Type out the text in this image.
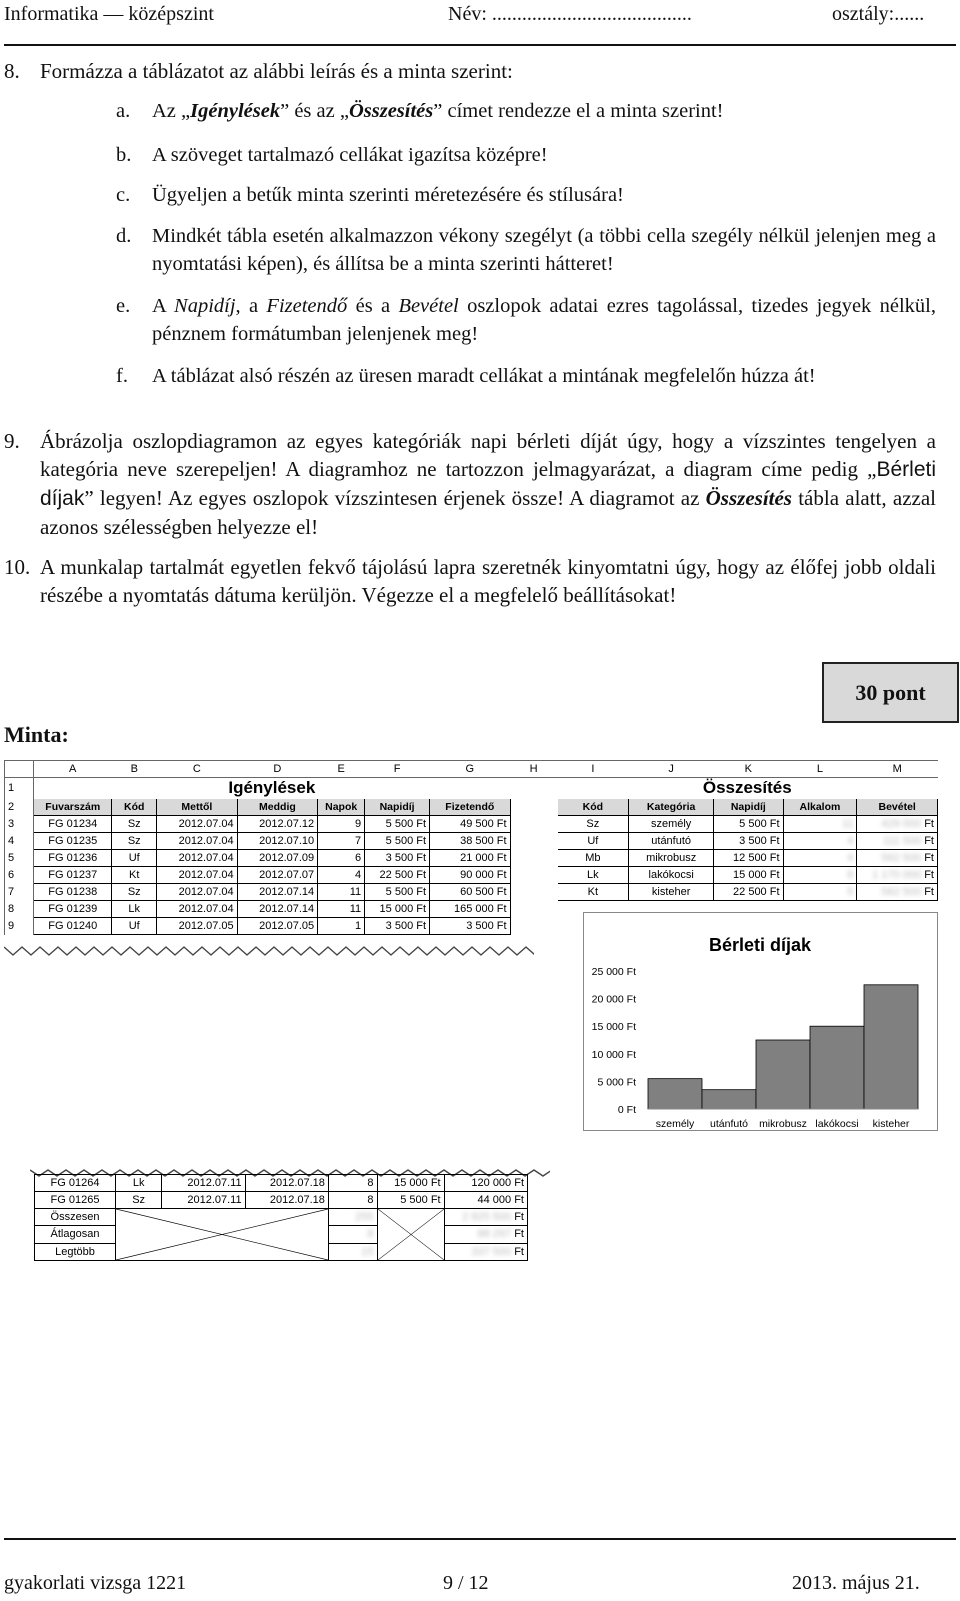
Informatika — középszint	Név: ........................................	osztály:......
8. Formázza a táblázatot az alábbi leírás és a minta szerint:
a. Az „Igénylések” és az „Összesítés” címet rendezze el a minta szerint!
b. A szöveget tartalmazó cellákat igazítsa középre!
c. Ügyeljen a betűk minta szerinti méretezésére és stílusára!
d. Mindkét tábla esetén alkalmazzon vékony szegélyt (a többi cella szegély nélkül jelenjen meg a nyomtatási képen), és állítsa be a minta szerinti hátteret!
e. A Napidíj, a Fizetendő és a Bevétel oszlopok adatai ezres tagolással, tizedes jegyek nélkül, pénznem formátumban jelenjenek meg!
f. A táblázat alsó részén az üresen maradt cellákat a mintának megfelelőn húzza át!
9. Ábrázolja oszlopdiagramon az egyes kategóriák napi bérleti díját úgy, hogy a vízszintes tengelyen a kategória neve szerepeljen! A diagramhoz ne tartozzon jelmagyarázat, a diagram címe pedig „Bérleti díjak” legyen! Az egyes oszlopok vízszintesen érjenek össze! A diagramot az Összesítés tábla alatt, azzal azonos szélességben helyezze el!
10. A munkalap tartalmát egyetlen fekvő tájolású lapra szeretnék kinyomtatni úgy, hogy az élőfej jobb oldali részébe a nyomtatás dátuma kerüljön. Végezze el a megfelelő beállításokat!
30 pont
Minta:
	A	B	C	D	E	F	G	H	I	J	K	L	M
1	Igénylések								Összesítés				
2	Fuvarszám	Kód	Mettől	Meddig	Napok	Napidíj	Fizetendő		Kód	Kategória	Napidíj	Alkalom	Bevétel
3	FG 01234	Sz	2012.07.04	2012.07.12	9	5 500 Ft	49 500 Ft		Sz	személy	5 500 Ft	11	429 000 Ft
4	FG 01235	Sz	2012.07.04	2012.07.10	7	5 500 Ft	38 500 Ft		Uf	utánfutó	3 500 Ft	4	111 500 Ft
5	FG 01236	Uf	2012.07.04	2012.07.09	6	3 500 Ft	21 000 Ft		Mb	mikrobusz	12 500 Ft	4	562 500 Ft
6	FG 01237	Kt	2012.07.04	2012.07.07	4	22 500 Ft	90 000 Ft		Lk	lakókocsi	15 000 Ft	8	1 170 000 Ft
7	FG 01238	Sz	2012.07.04	2012.07.14	11	5 500 Ft	60 500 Ft		Kt	kisteher	22 500 Ft	5	562 500 Ft
8	FG 01239	Lk	2012.07.04	2012.07.14	11	15 000 Ft	165 000 Ft						
9	FG 01240	Uf	2012.07.05	2012.07.05	1	3 500 Ft	3 500 Ft						
Bérleti díjak
0 Ft
5 000 Ft
10 000 Ft
15 000 Ft
20 000 Ft
25 000 Ft
személy utánfutó mikrobusz lakókocsi kisteher
FG 01264	Lk	2012.07.11	2012.07.18	8	15 000 Ft	120 000 Ft
FG 01265	Sz	2012.07.11	2012.07.18	8	5 500 Ft	44 000 Ft
Összesen				255		2 825 500 Ft
Átlagosan				8		88 297 Ft
Legtöbb				15		337 500 Ft
gyakorlati vizsga 1221	9 / 12	2013. május 21.
